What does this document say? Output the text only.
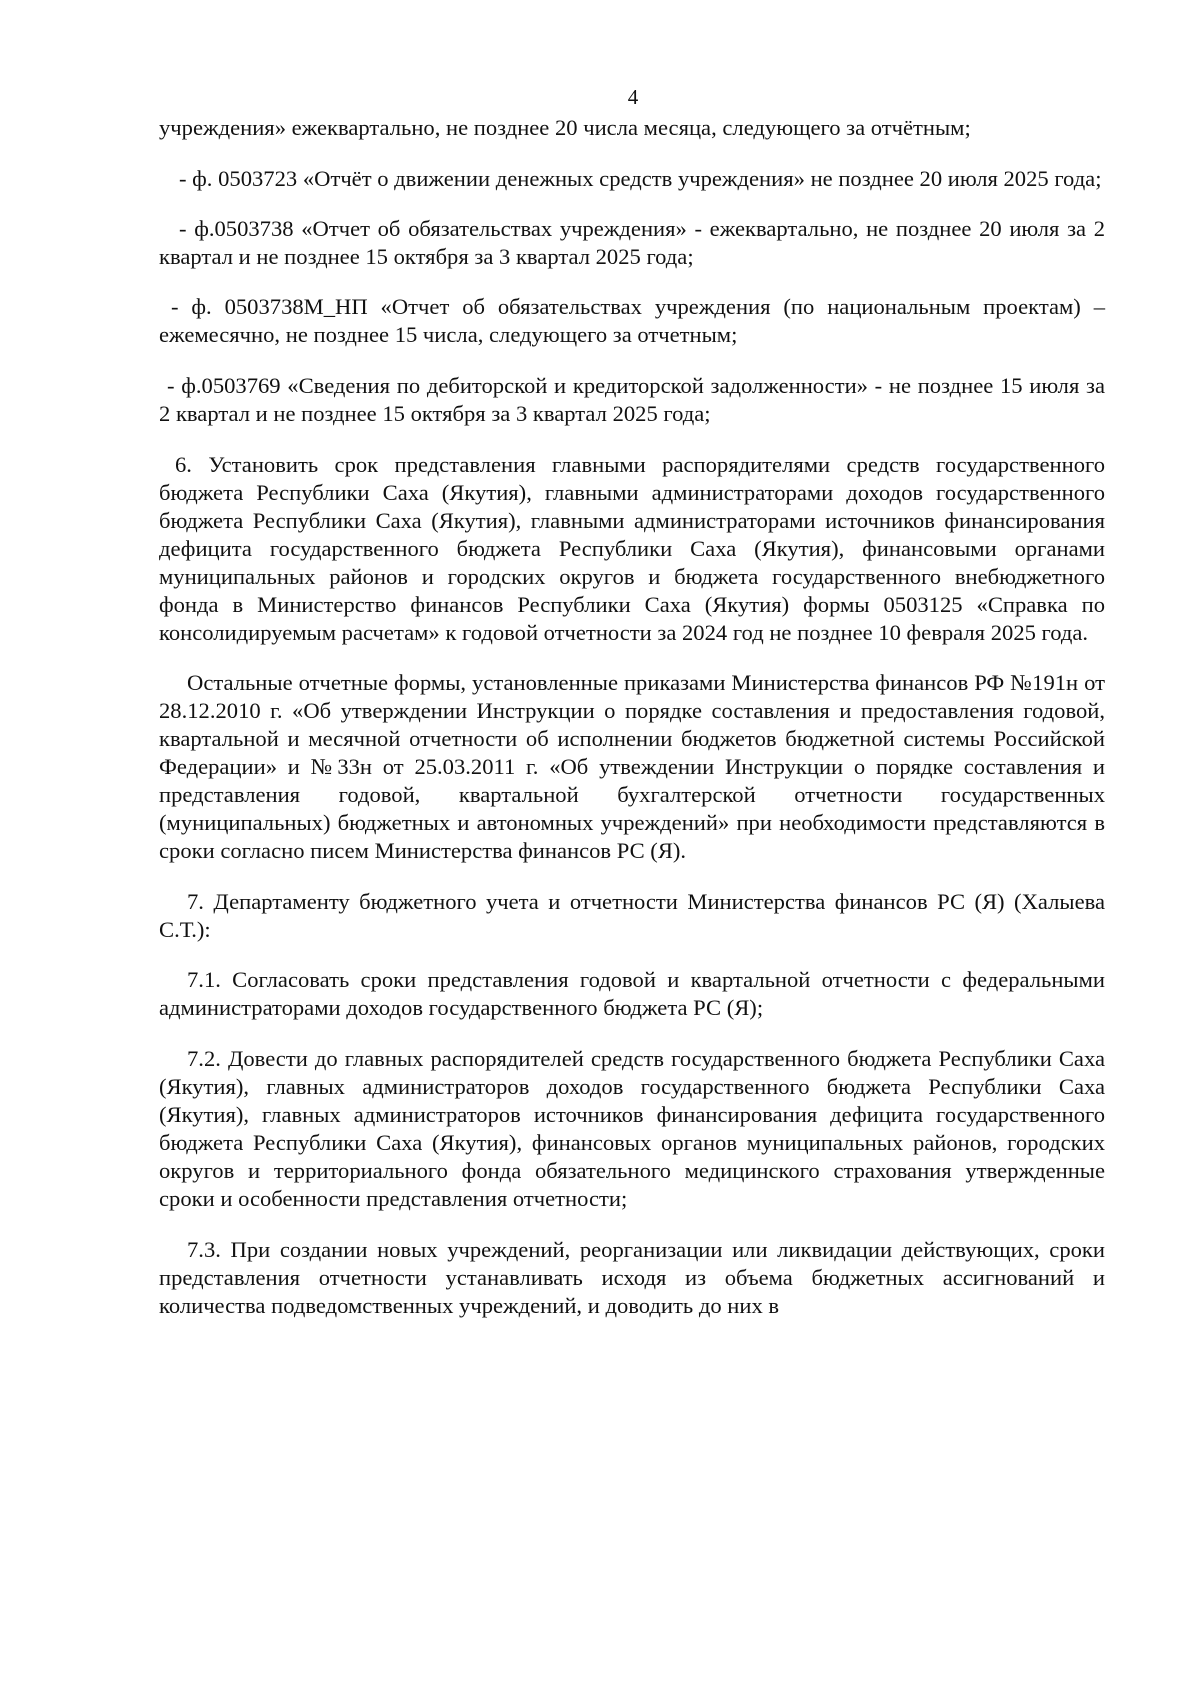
4

учреждения» ежеквартально, не позднее 20 числа месяца, следующего за отчётным;

- ф. 0503723 «Отчёт о движении денежных средств учреждения» не позднее 20 июля 2025 года;

- ф.0503738 «Отчет об обязательствах учреждения» - ежеквартально, не позднее 20 июля за 2 квартал и не позднее 15 октября за 3 квартал 2025 года;

- ф. 0503738М_НП «Отчет об обязательствах учреждения (по национальным проектам) – ежемесячно, не позднее 15 числа, следующего за отчетным;

- ф.0503769 «Сведения по дебиторской и кредиторской задолженности» - не позднее 15 июля за 2 квартал и не позднее 15 октября за 3 квартал 2025 года;

6. Установить срок представления главными распорядителями средств государственного бюджета Республики Саха (Якутия), главными администраторами доходов государственного бюджета Республики Саха (Якутия), главными администраторами источников финансирования дефицита государственного бюджета Республики Саха (Якутия), финансовыми органами муниципальных районов и городских округов и бюджета государственного внебюджетного фонда в Министерство финансов Республики Саха (Якутия) формы 0503125 «Справка по консолидируемым расчетам» к годовой отчетности за 2024 год не позднее 10 февраля 2025 года.

Остальные отчетные формы, установленные приказами Министерства финансов РФ №191н от 28.12.2010 г. «Об утверждении Инструкции о порядке составления и предоставления годовой, квартальной и месячной отчетности об исполнении бюджетов бюджетной системы Российской Федерации» и №33н от 25.03.2011 г. «Об утвеждении Инструкции о порядке составления и представления годовой, квартальной бухгалтерской отчетности государственных (муниципальных) бюджетных и автономных учреждений» при необходимости представляются в сроки согласно писем Министерства финансов РС (Я).

7. Департаменту бюджетного учета и отчетности Министерства финансов РС (Я) (Халыева С.Т.):

7.1. Согласовать сроки представления годовой и квартальной отчетности с федеральными администраторами доходов государственного бюджета РС (Я);

7.2. Довести до главных распорядителей средств государственного бюджета Республики Саха (Якутия), главных администраторов доходов государственного бюджета Республики Саха (Якутия), главных администраторов источников финансирования дефицита государственного бюджета Республики Саха (Якутия), финансовых органов муниципальных районов, городских округов и территориального фонда обязательного медицинского страхования утвержденные сроки и особенности представления отчетности;

7.3. При создании новых учреждений, реорганизации или ликвидации действующих, сроки представления отчетности устанавливать исходя из объема бюджетных ассигнований и количества подведомственных учреждений, и доводить до них в
